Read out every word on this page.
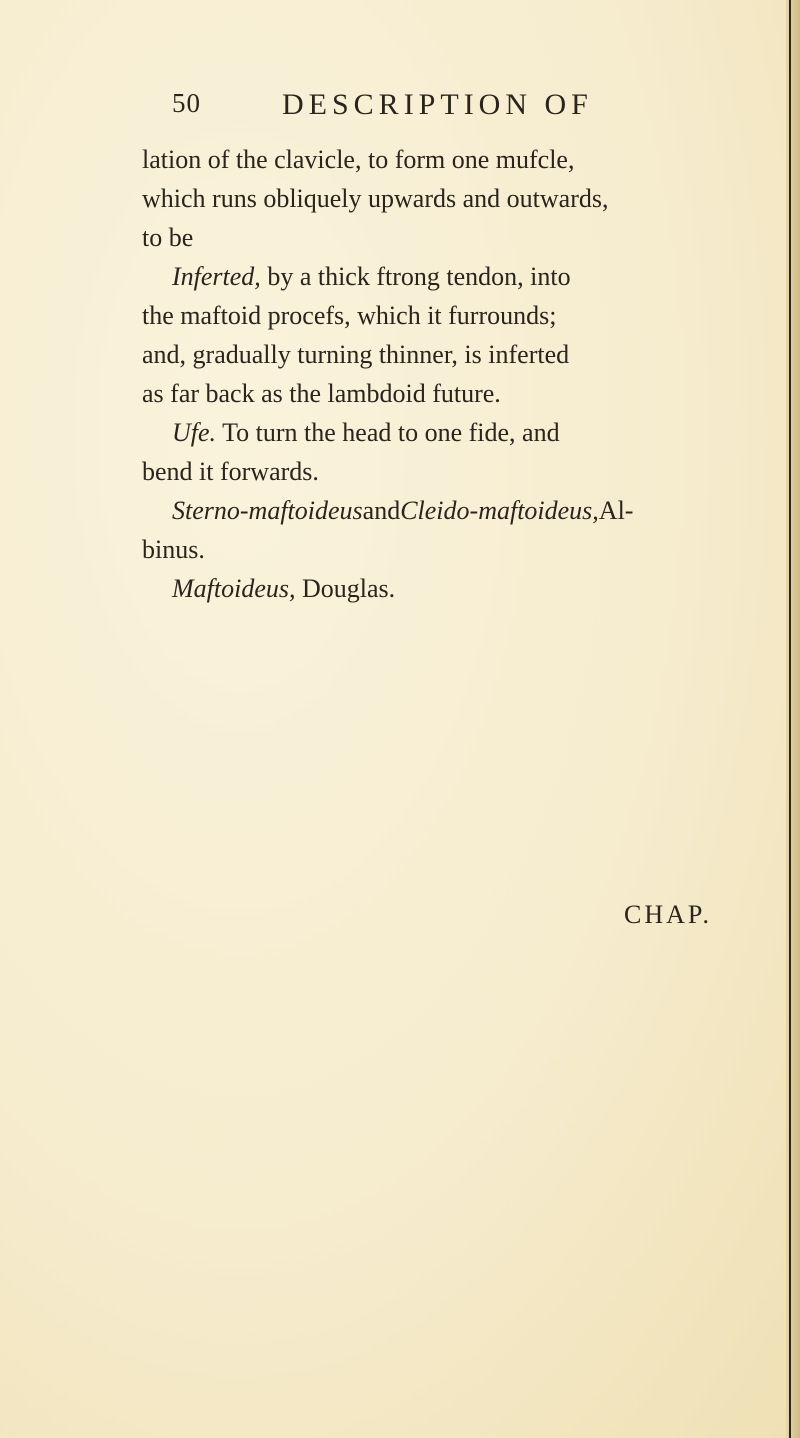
50	DESCRIPTION OF
lation of the clavicle, to form one mufcle,
which runs obliquely upwards and outwards,
to be
Inferted, by a thick ftrong tendon, into
the maftoid procefs, which it furrounds;
and, gradually turning thinner, is inferted
as far back as the lambdoid future.
Ufe. To turn the head to one fide, and
bend it forwards.
Sterno-maftoideusandCleido-maftoideus,Al-
binus.
Maftoideus, Douglas.
CHAP.
